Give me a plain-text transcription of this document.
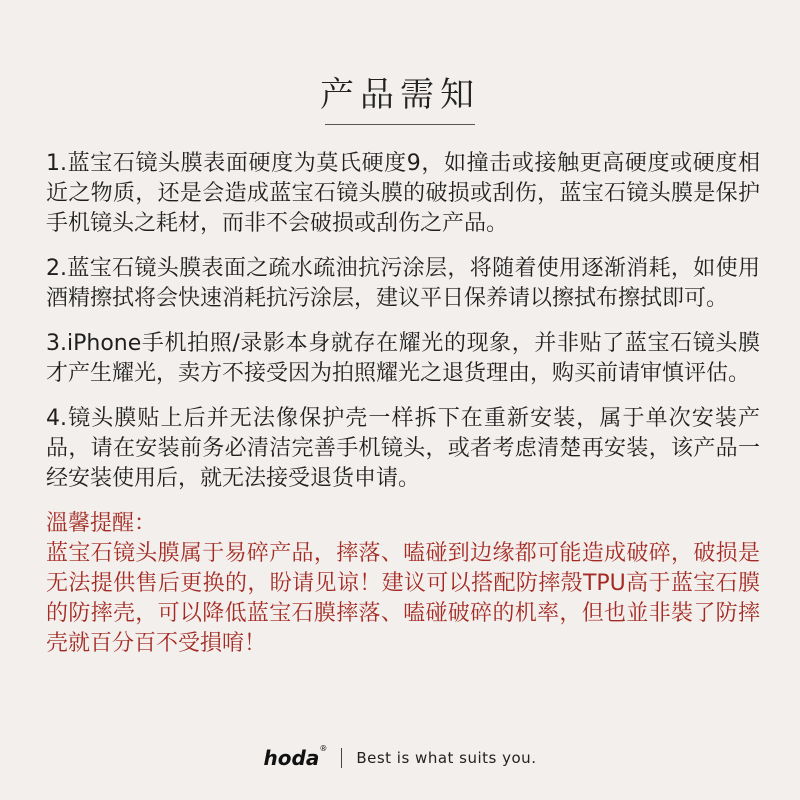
产品需知

1.蓝宝石镜头膜表面硬度为莫氏硬度9，如撞击或接触更高硬度或硬度相近之物质，还是会造成蓝宝石镜头膜的破损或刮伤，蓝宝石镜头膜是保护手机镜头之耗材，而非不会破损或刮伤之产品。

2.蓝宝石镜头膜表面之疏水疏油抗污涂层，将随着使用逐渐消耗，如使用酒精擦拭将会快速消耗抗污涂层，建议平日保养请以擦拭布擦拭即可。

3.iPhone手机拍照/录影本身就存在耀光的现象，并非贴了蓝宝石镜头膜才产生耀光，卖方不接受因为拍照耀光之退货理由，购买前请审慎评估。

4.镜头膜贴上后并无法像保护壳一样拆下在重新安装，属于单次安装产品，请在安装前务必清洁完善手机镜头，或者考虑清楚再安装，该产品一经安装使用后，就无法接受退货申请。

溫馨提醒：

蓝宝石镜头膜属于易碎产品，摔落、嗑碰到边缘都可能造成破碎，破损是无法提供售后更换的，盼请见谅！建议可以搭配防摔殼TPU高于蓝宝石膜的防摔壳，可以降低蓝宝石膜摔落、嗑碰破碎的机率，但也並非裝了防摔壳就百分百不受損唷！

hoda®
Best is what suits you.
